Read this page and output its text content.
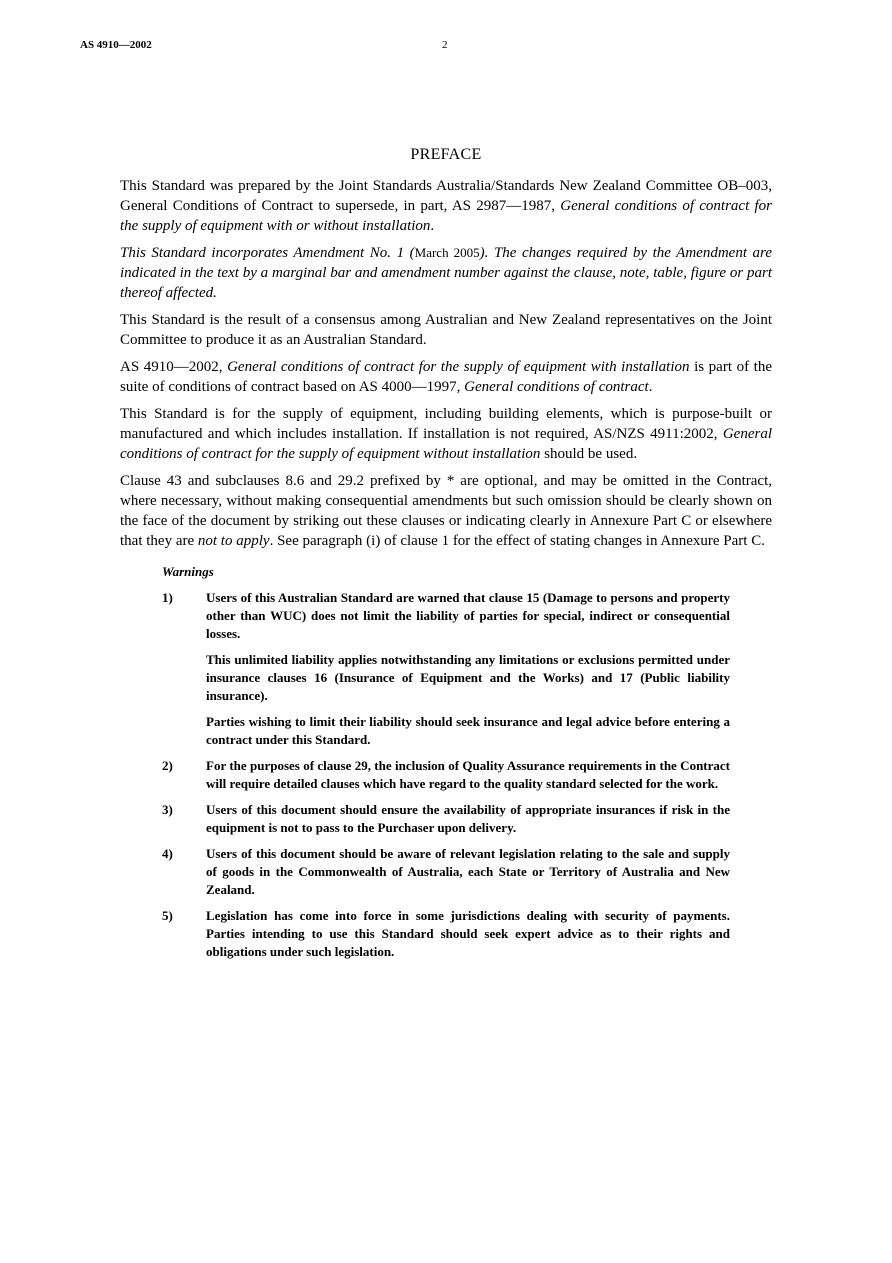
AS 4910—2002	2
PREFACE

This Standard was prepared by the Joint Standards Australia/Standards New Zealand Committee OB–003, General Conditions of Contract to supersede, in part, AS 2987—1987, General conditions of contract for the supply of equipment with or without installation.

This Standard incorporates Amendment No. 1 (March 2005). The changes required by the Amendment are indicated in the text by a marginal bar and amendment number against the clause, note, table, figure or part thereof affected.

This Standard is the result of a consensus among Australian and New Zealand representatives on the Joint Committee to produce it as an Australian Standard.

AS 4910—2002, General conditions of contract for the supply of equipment with installation is part of the suite of conditions of contract based on AS 4000—1997, General conditions of contract.

This Standard is for the supply of equipment, including building elements, which is purpose-built or manufactured and which includes installation. If installation is not required, AS/NZS 4911:2002, General conditions of contract for the supply of equipment without installation should be used.

Clause 43 and subclauses 8.6 and 29.2 prefixed by * are optional, and may be omitted in the Contract, where necessary, without making consequential amendments but such omission should be clearly shown on the face of the document by striking out these clauses or indicating clearly in Annexure Part C or elsewhere that they are not to apply. See paragraph (i) of clause 1 for the effect of stating changes in Annexure Part C.

Warnings
1)	Users of this Australian Standard are warned that clause 15 (Damage to persons and property other than WUC) does not limit the liability of parties for special, indirect or consequential losses.

This unlimited liability applies notwithstanding any limitations or exclusions permitted under insurance clauses 16 (Insurance of Equipment and the Works) and 17 (Public liability insurance).

Parties wishing to limit their liability should seek insurance and legal advice before entering a contract under this Standard.

2)	For the purposes of clause 29, the inclusion of Quality Assurance requirements in the Contract will require detailed clauses which have regard to the quality standard selected for the work.

3)	Users of this document should ensure the availability of appropriate insurances if risk in the equipment is not to pass to the Purchaser upon delivery.

4)	Users of this document should be aware of relevant legislation relating to the sale and supply of goods in the Commonwealth of Australia, each State or Territory of Australia and New Zealand.

5)	Legislation has come into force in some jurisdictions dealing with security of payments. Parties intending to use this Standard should seek expert advice as to their rights and obligations under such legislation.
